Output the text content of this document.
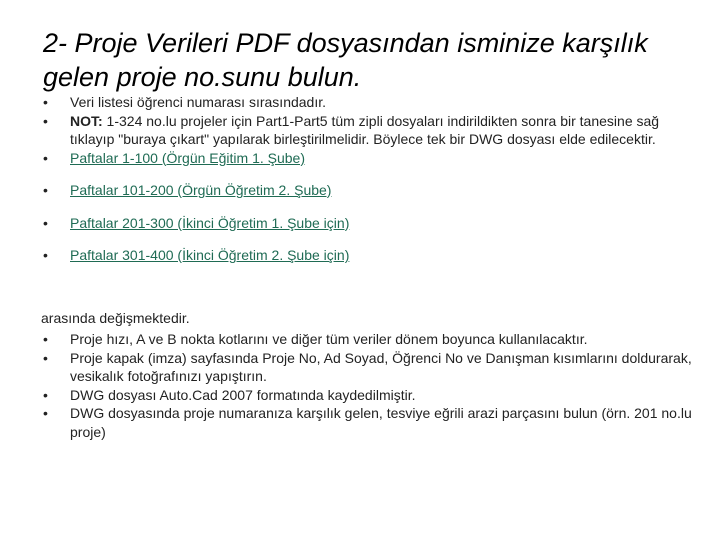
2- Proje Verileri PDF dosyasından isminize karşılık gelen proje no.sunu bulun.
•	Veri listesi öğrenci numarası sırasındadır.
•	NOT: 1-324 no.lu projeler için Part1-Part5 tüm zipli dosyaları indirildikten sonra bir tanesine sağ tıklayıp "buraya çıkart" yapılarak birleştirilmelidir. Böylece tek bir DWG dosyası elde edilecektir.
•	Paftalar 1-100 (Örgün Eğitim 1. Şube)
•	Paftalar 101-200 (Örgün Öğretim 2. Şube)
•	Paftalar 201-300 (İkinci Öğretim 1. Şube için)
•	Paftalar 301-400 (İkinci Öğretim 2. Şube için)
arasında değişmektedir.
•	Proje hızı, A ve B nokta kotlarını ve diğer tüm veriler dönem boyunca kullanılacaktır.
•	Proje kapak (imza) sayfasında Proje No, Ad Soyad, Öğrenci No ve Danışman kısımlarını doldurarak, vesikalık fotoğrafınızı yapıştırın.
•	DWG dosyası Auto.Cad 2007 formatında kaydedilmiştir.
•	DWG dosyasında proje numaranıza karşılık gelen, tesviye eğrili arazi parçasını bulun (örn. 201 no.lu proje)
